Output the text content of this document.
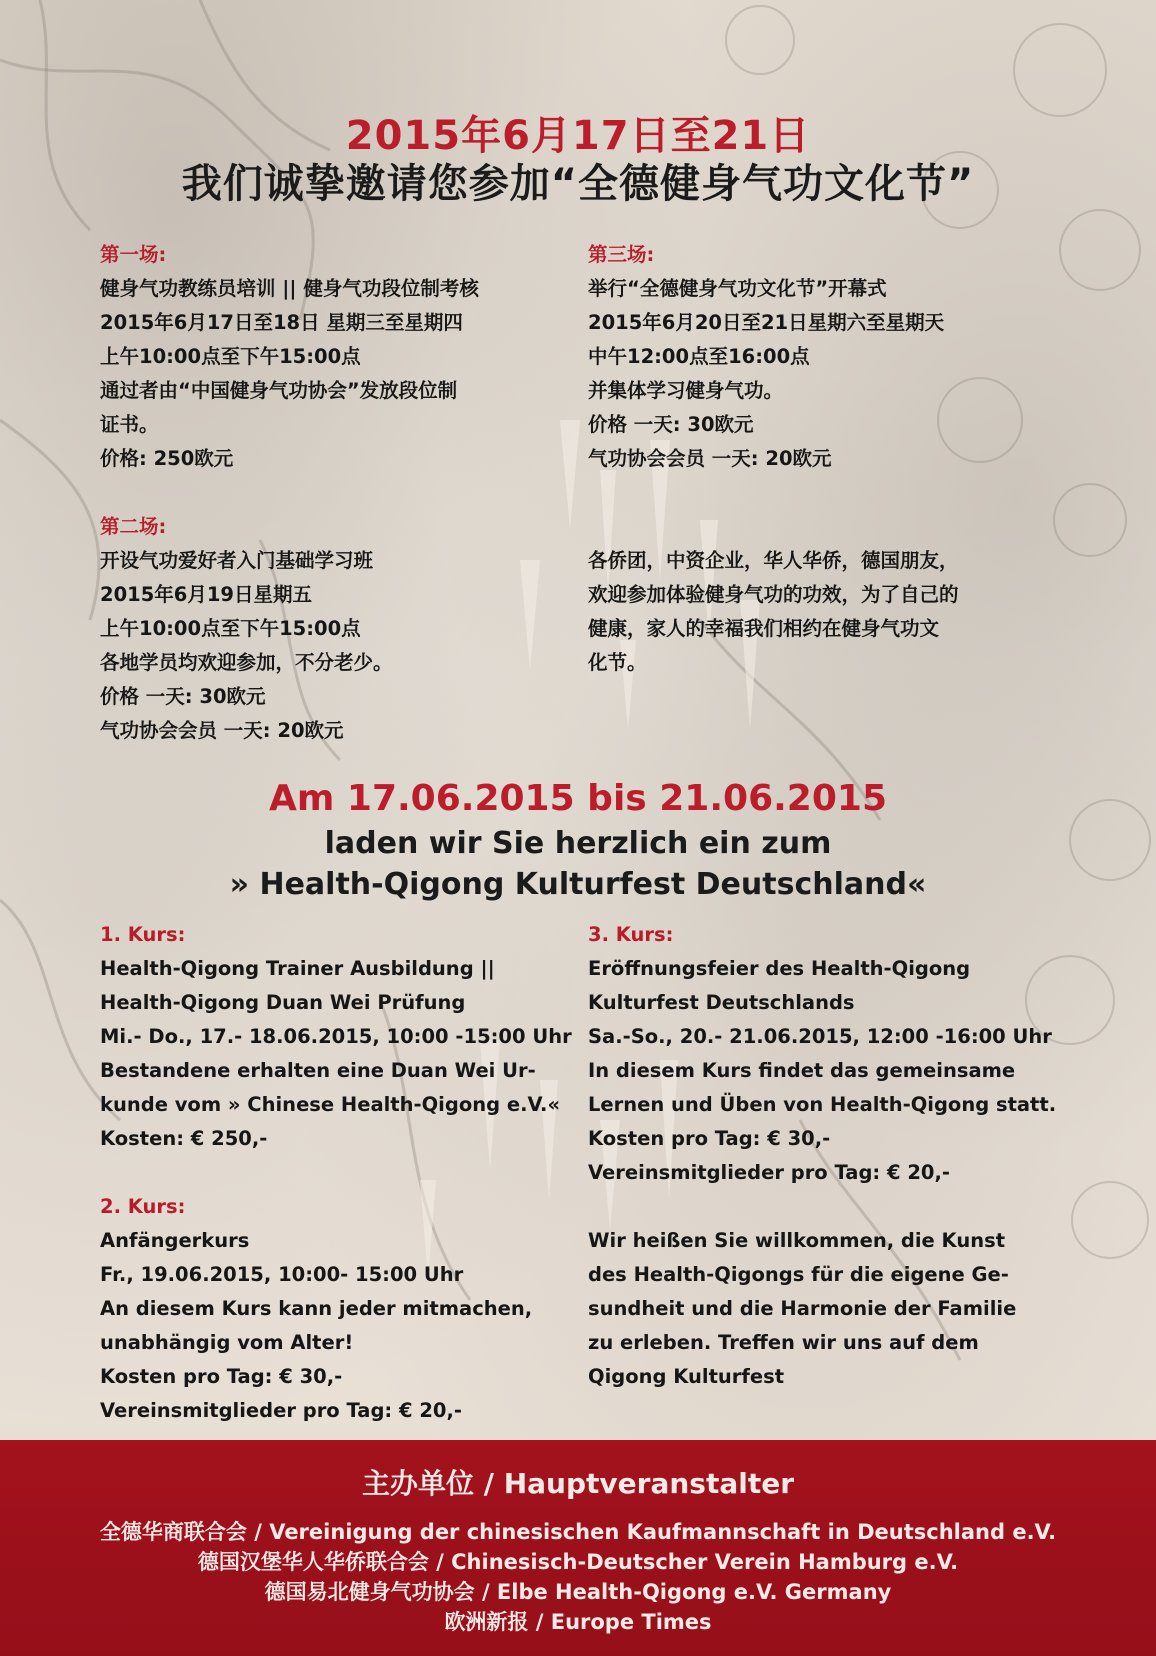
2015年6月17日至21日
我们诚挚邀请您参加“全德健身气功文化节”
第一场:
健身气功教练员培训 || 健身气功段位制考核
2015年6月17日至18日 星期三至星期四
上午10:00点至下午15:00点
通过者由“中国健身气功协会”发放段位制
证书。
价格: 250欧元
第二场:
开设气功爱好者入门基础学习班
2015年6月19日星期五
上午10:00点至下午15:00点
各地学员均欢迎参加，不分老少。
价格 一天: 30欧元
气功协会会员 一天: 20欧元
第三场:
举行“全德健身气功文化节”开幕式
2015年6月20日至21日星期六至星期天
中午12:00点至16:00点
并集体学习健身气功。
价格 一天: 30欧元
气功协会会员 一天: 20欧元
各侨团，中资企业，华人华侨，德国朋友，
欢迎参加体验健身气功的功效，为了自己的
健康，家人的幸福我们相约在健身气功文
化节。
Am 17.06.2015 bis 21.06.2015
laden wir Sie herzlich ein zum
» Health-Qigong Kulturfest Deutschland«
1. Kurs:
Health-Qigong Trainer Ausbildung ||
Health-Qigong Duan Wei Prüfung
Mi.- Do., 17.- 18.06.2015, 10:00 -15:00 Uhr
Bestandene erhalten eine Duan Wei Ur-
kunde vom » Chinese Health-Qigong e.V.«
Kosten: € 250,-
2. Kurs:
Anfängerkurs
Fr., 19.06.2015, 10:00- 15:00 Uhr
An diesem Kurs kann jeder mitmachen,
unabhängig vom Alter!
Kosten pro Tag: € 30,-
Vereinsmitglieder pro Tag: € 20,-
3. Kurs:
Eröffnungsfeier des Health-Qigong
Kulturfest Deutschlands
Sa.-So., 20.- 21.06.2015, 12:00 -16:00 Uhr
In diesem Kurs findet das gemeinsame
Lernen und Üben von Health-Qigong statt.
Kosten pro Tag: € 30,-
Vereinsmitglieder pro Tag: € 20,-
Wir heißen Sie willkommen, die Kunst
des Health-Qigongs für die eigene Ge-
sundheit und die Harmonie der Familie
zu erleben. Treffen wir uns auf dem
Qigong Kulturfest
主办单位 / Hauptveranstalter
全德华商联合会 / Vereinigung der chinesischen Kaufmannschaft in Deutschland e.V.
德国汉堡华人华侨联合会 / Chinesisch-Deutscher Verein Hamburg e.V.
德国易北健身气功协会 / Elbe Health-Qigong e.V. Germany
欧洲新报 / Europe Times
